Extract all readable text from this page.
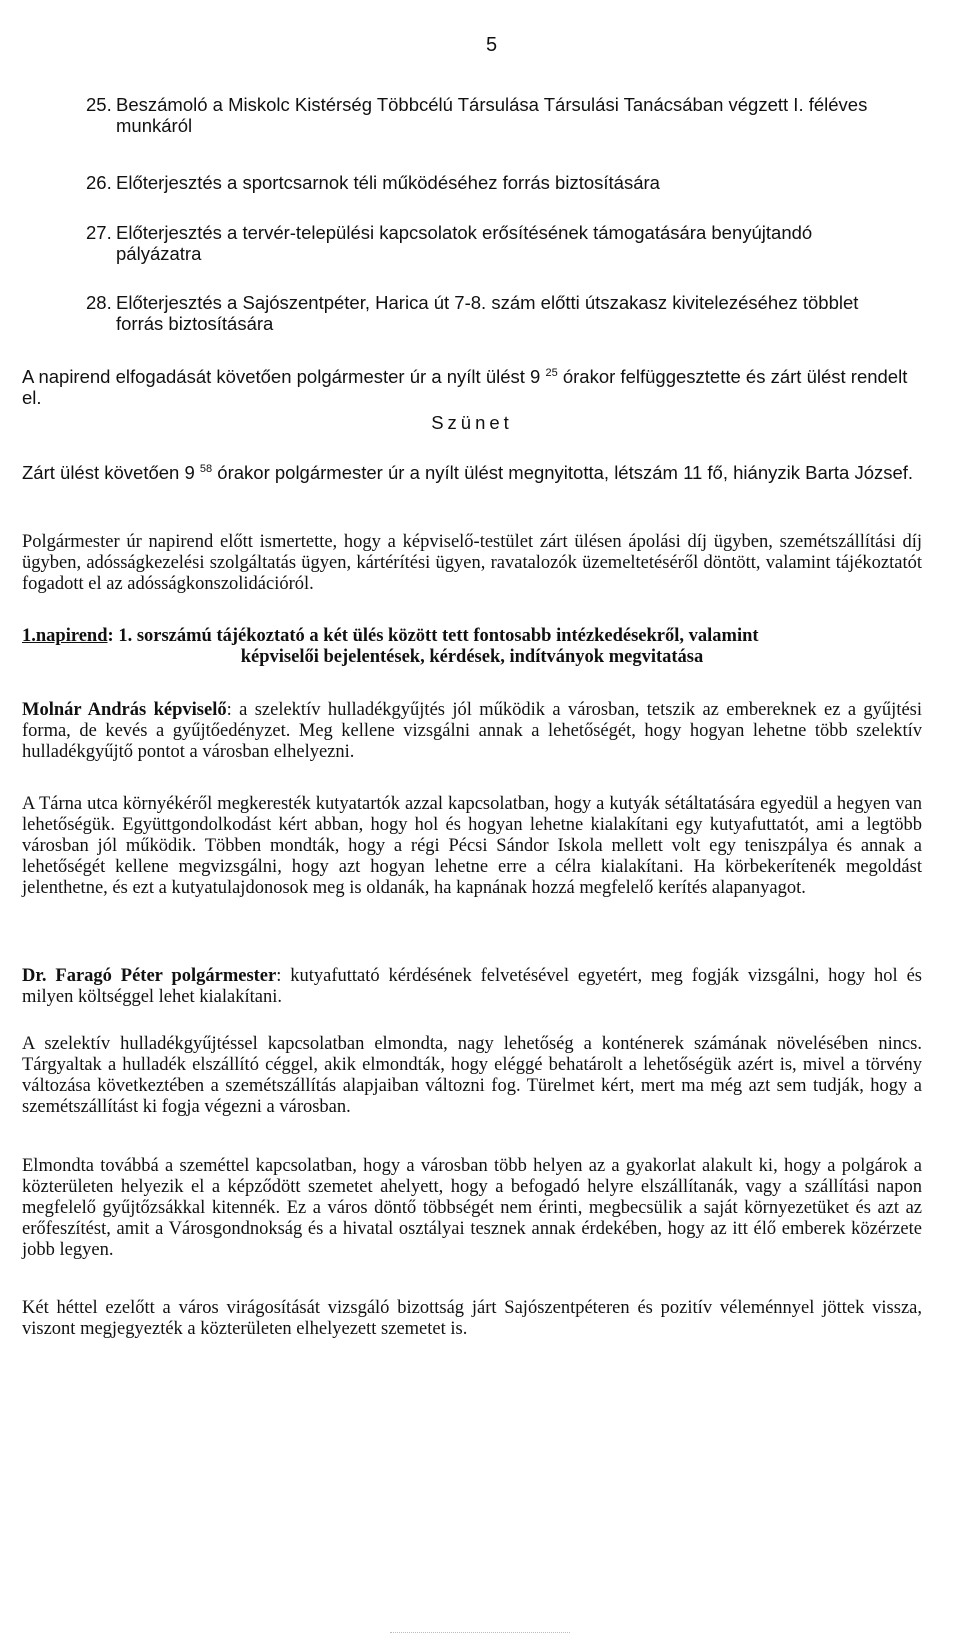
5
25. Beszámoló a Miskolc Kistérség Többcélú Társulása Társulási Tanácsában végzett I. féléves
munkáról
26. Előterjesztés a sportcsarnok téli működéséhez forrás biztosítására
27. Előterjesztés a tervér-települési kapcsolatok erősítésének támogatására benyújtandó
pályázatra
28. Előterjesztés a Sajószentpéter, Harica út 7-8. szám előtti útszakasz kivitelezéséhez többlet
forrás biztosítására
A napirend elfogadását követően polgármester úr a nyílt ülést 9 $^{25}$ órakor felfüggesztette és zárt ülést rendelt el.
Szünet
Zárt ülést követően 9 $^{58}$ órakor polgármester úr a nyílt ülést megnyitotta, létszám 11 fő, hiányzik Barta József.
Polgármester úr napirend előtt ismertette, hogy a képviselő-testület zárt ülésen ápolási díj ügyben, szemétszállítási díj ügyben, adósságkezelési szolgáltatás ügyen, kártérítési ügyen, ravatalozók üzemeltetéséről döntött, valamint tájékoztatót fogadott el az adósságkonszolidációról.
1.napirend: 1. sorszámú tájékoztató a két ülés között tett fontosabb intézkedésekről, valamint
képviselői bejelentések, kérdések, indítványok megvitatása
Molnár András képviselő: a szelektív hulladékgyűjtés jól működik a városban, tetszik az embereknek ez a gyűjtési forma, de kevés a gyűjtőedényzet. Meg kellene vizsgálni annak a lehetőségét, hogy hogyan lehetne több szelektív hulladékgyűjtő pontot a városban elhelyezni.
A Tárna utca környékéről megkeresték kutyatartók azzal kapcsolatban, hogy a kutyák sétáltatására egyedül a hegyen van lehetőségük. Együttgondolkodást kért abban, hogy hol és hogyan lehetne kialakítani egy kutyafuttatót, ami a legtöbb városban jól működik. Többen mondták, hogy a régi Pécsi Sándor Iskola mellett volt egy teniszpálya és annak a lehetőségét kellene megvizsgálni, hogy azt hogyan lehetne erre a célra kialakítani. Ha körbekerítenék megoldást jelenthetne, és ezt a kutyatulajdonosok meg is oldanák, ha kapnának hozzá megfelelő kerítés alapanyagot.
Dr. Faragó Péter polgármester: kutyafuttató kérdésének felvetésével egyetért, meg fogják vizsgálni, hogy hol és milyen költséggel lehet kialakítani.
A szelektív hulladékgyűjtéssel kapcsolatban elmondta, nagy lehetőség a konténerek számának növelésében nincs. Tárgyaltak a hulladék elszállító céggel, akik elmondták, hogy eléggé behatárolt a lehetőségük azért is, mivel a törvény változása következtében a szemétszállítás alapjaiban változni fog. Türelmet kért, mert ma még azt sem tudják, hogy a szemétszállítást ki fogja végezni a városban.
Elmondta továbbá a szeméttel kapcsolatban, hogy a városban több helyen az a gyakorlat alakult ki, hogy a polgárok a közterületen helyezik el a képződött szemetet ahelyett, hogy a befogadó helyre elszállítanák, vagy a szállítási napon megfelelő gyűjtőzsákkal kitennék. Ez a város döntő többségét nem érinti, megbecsülik a saját környezetüket és azt az erőfeszítést, amit a Városgondnokság és a hivatal osztályai tesznek annak érdekében, hogy az itt élő emberek közérzete jobb legyen.
Két héttel ezelőtt a város virágosítását vizsgáló bizottság járt Sajószentpéteren és pozitív véleménnyel jöttek vissza, viszont megjegyezték a közterületen elhelyezett szemetet is.
